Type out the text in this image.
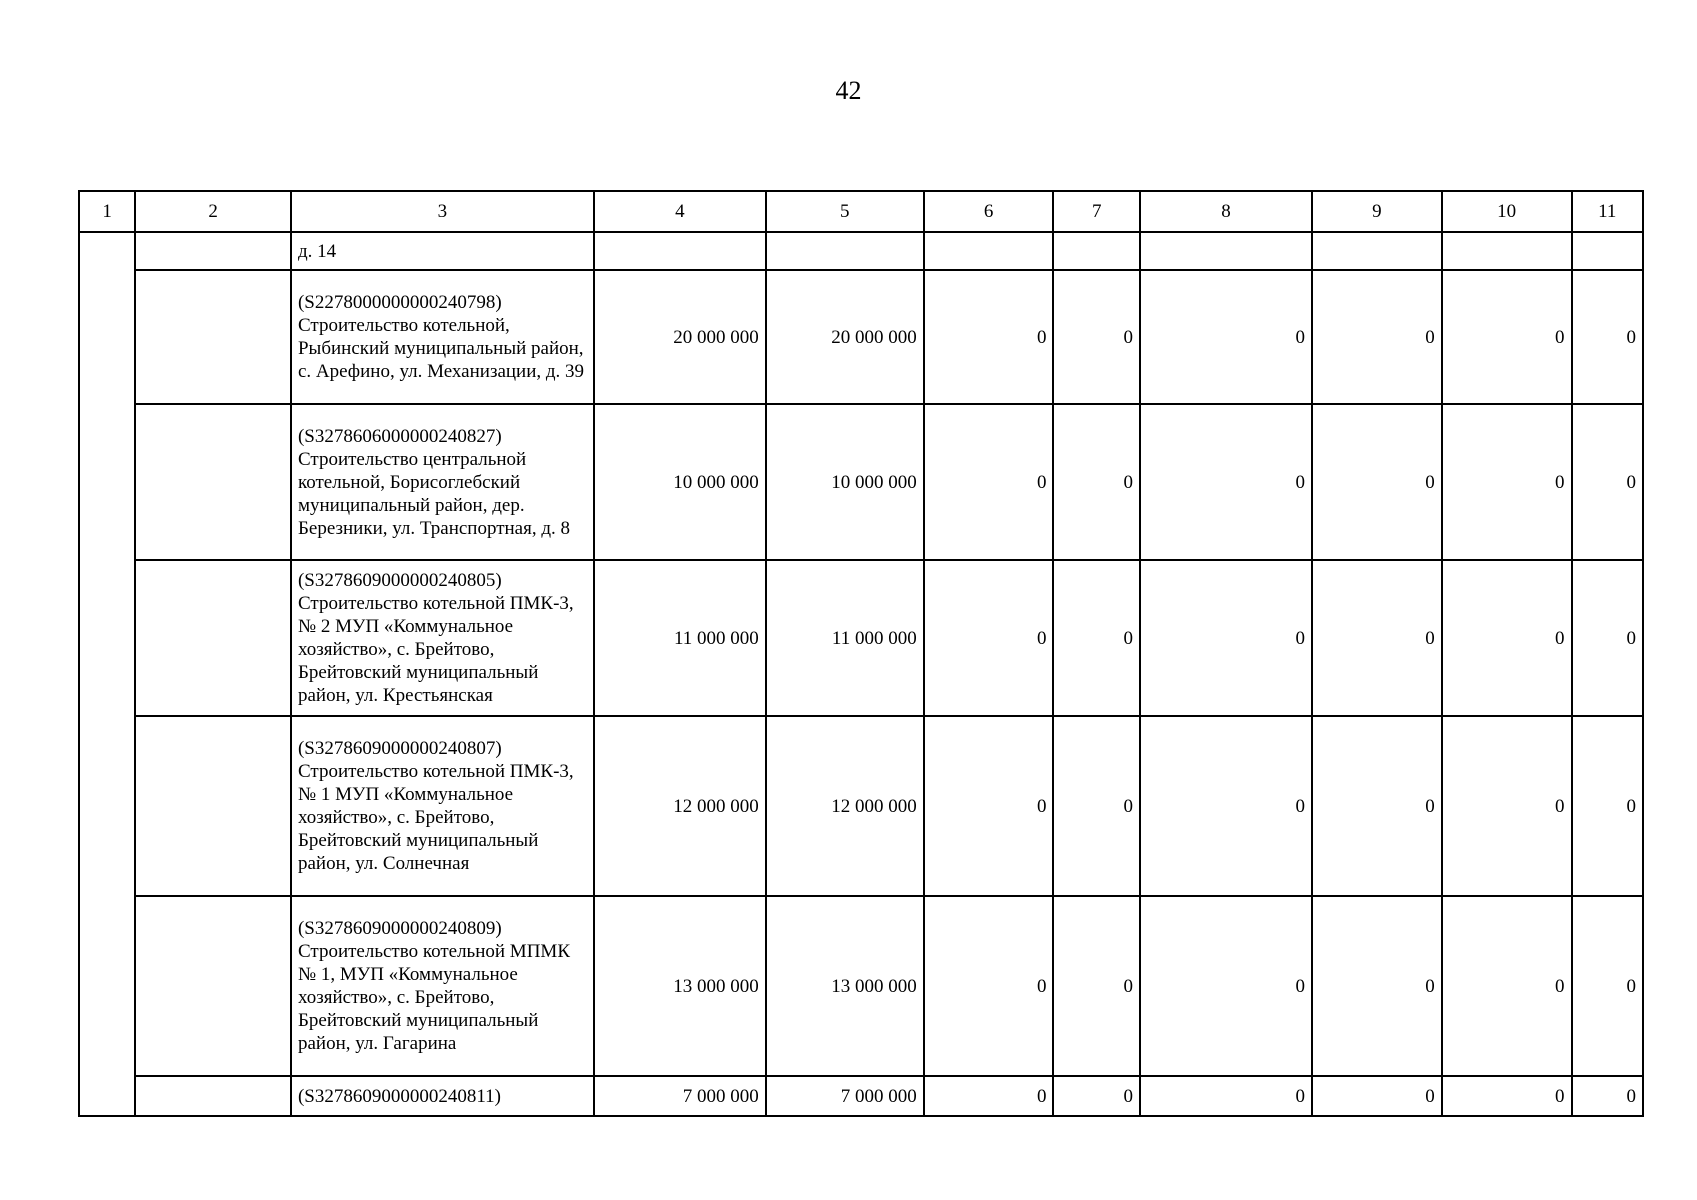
42
1	2	3	4	5	6	7	8	9	10	11
		д. 14								
		(S2278000000000240798) Строительство котельной, Рыбинский муниципальный район, с. Арефино, ул. Механизации, д. 39	20 000 000	20 000 000	0	0	0	0	0	0
		(S3278606000000240827) Строительство центральной котельной, Борисоглебский муниципальный район, дер. Березники, ул. Транспортная, д. 8	10 000 000	10 000 000	0	0	0	0	0	0
		(S3278609000000240805) Строительство котельной ПМК-3, № 2 МУП «Коммунальное хозяйство», с. Брейтово, Брейтовский муниципальный район, ул. Крестьянская	11 000 000	11 000 000	0	0	0	0	0	0
		(S3278609000000240807) Строительство котельной ПМК-3, № 1 МУП «Коммунальное хозяйство», с. Брейтово, Брейтовский муниципальный район, ул. Солнечная	12 000 000	12 000 000	0	0	0	0	0	0
		(S3278609000000240809) Строительство котельной МПМК № 1, МУП «Коммунальное хозяйство», с. Брейтово, Брейтовский муниципальный район, ул. Гагарина	13 000 000	13 000 000	0	0	0	0	0	0
		(S3278609000000240811)	7 000 000	7 000 000	0	0	0	0	0	0
